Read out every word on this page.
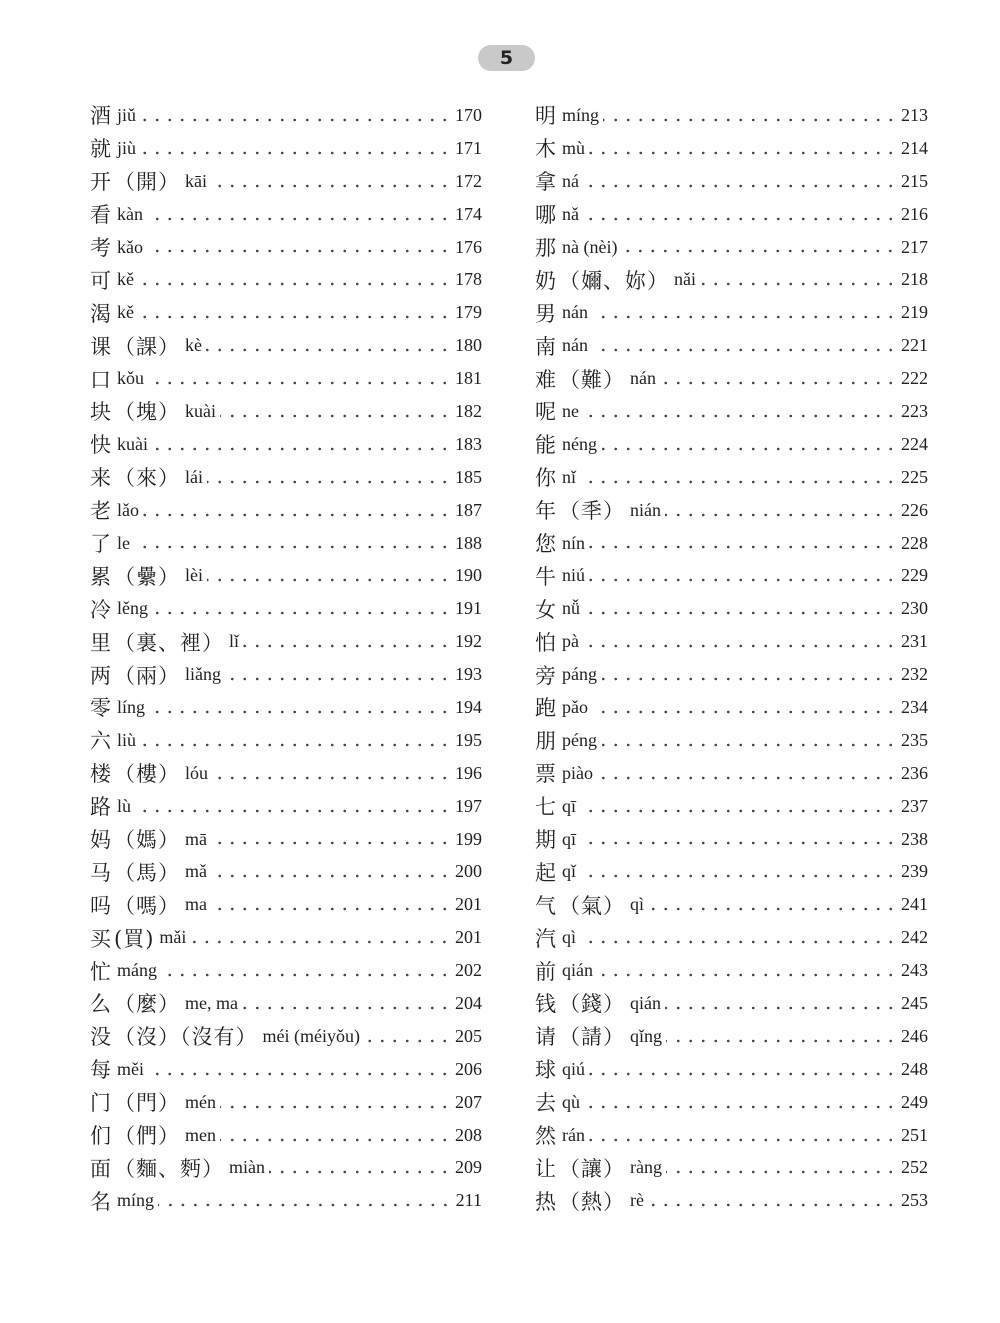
5
酒 jiǔ	170
就 jiù	171
开（開） kāi	172
看 kàn	174
考 kǎo	176
可 kě	178
渴 kě	179
课（課） kè	180
口 kǒu	181
块（塊） kuài	182
快 kuài	183
来（來） lái	185
老 lǎo	187
了 le	188
累（纍） lèi	190
冷 lěng	191
里（裏、裡） lǐ	192
两（兩） liǎng	193
零 líng	194
六 liù	195
楼（樓） lóu	196
路 lù	197
妈（媽） mā	199
马（馬） mǎ	200
吗（嗎） ma	201
买(買) mǎi	201
忙 máng	202
么（麼） me, ma	204
没（沒）（沒有） méi (méiyǒu)	205
每 měi	206
门（門） mén	207
们（們） men	208
面（麵、麪） miàn	209
名 míng	211
明 míng	213
木 mù	214
拿 ná	215
哪 nǎ	216
那 nà (nèi)	217
奶（嬭、妳） nǎi	218
男 nán	219
南 nán	221
难（難） nán	222
呢 ne	223
能 néng	224
你 nǐ	225
年（秊） nián	226
您 nín	228
牛 niú	229
女 nǚ	230
怕 pà	231
旁 páng	232
跑 pǎo	234
朋 péng	235
票 piào	236
七 qī	237
期 qī	238
起 qǐ	239
气（氣） qì	241
汽 qì	242
前 qián	243
钱（錢） qián	245
请（請） qǐng	246
球 qiú	248
去 qù	249
然 rán	251
让（讓） ràng	252
热（熱） rè	253
